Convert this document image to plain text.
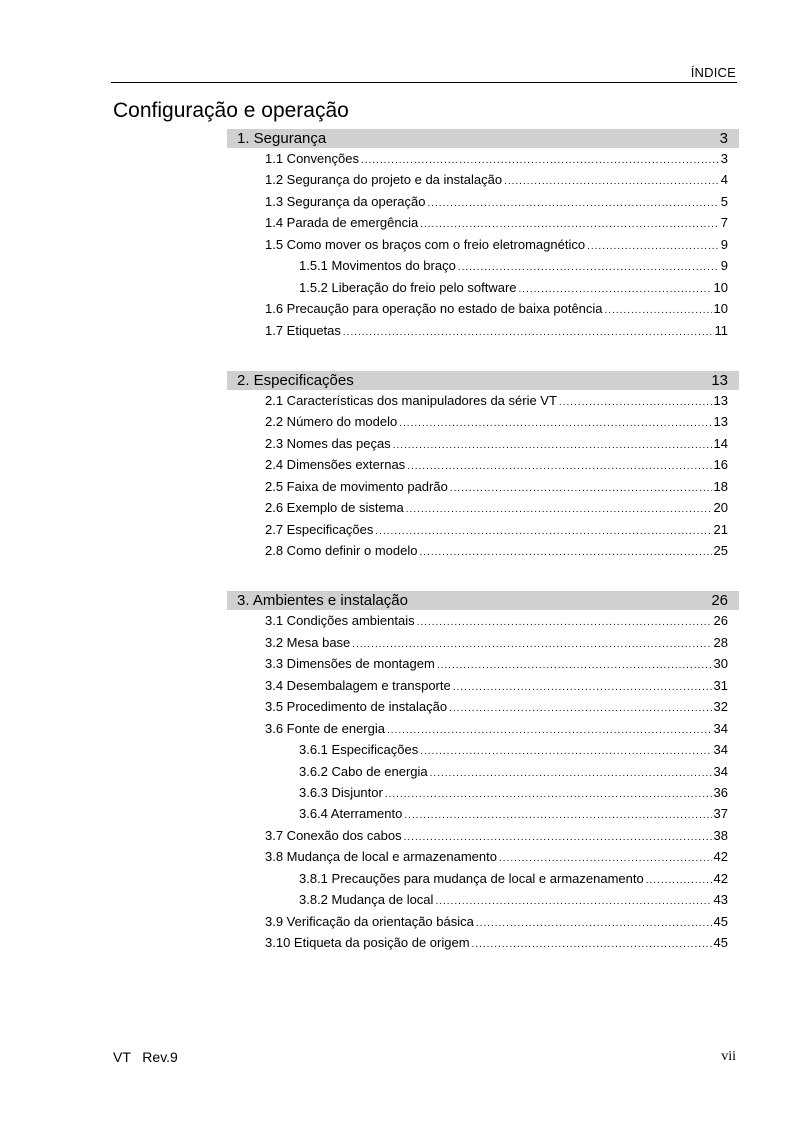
ÍNDICE
Configuração e operação
1. Segurança	3
1.1 Convenções .....	3
1.2 Segurança do projeto e da instalação .....	4
1.3 Segurança da operação .....	5
1.4 Parada de emergência .....	7
1.5 Como mover os braços com o freio eletromagnético .....	9
1.5.1 Movimentos do braço .....	9
1.5.2 Liberação do freio pelo software .....	10
1.6 Precaução para operação no estado de baixa potência .....	10
1.7 Etiquetas .....	11
2. Especificações	13
2.1 Características dos manipuladores da série VT .....	13
2.2 Número do modelo .....	13
2.3 Nomes das peças .....	14
2.4 Dimensões externas .....	16
2.5 Faixa de movimento padrão .....	18
2.6 Exemplo de sistema .....	20
2.7 Especificações .....	21
2.8 Como definir o modelo .....	25
3. Ambientes e instalação	26
3.1 Condições ambientais .....	26
3.2 Mesa base .....	28
3.3 Dimensões de montagem .....	30
3.4 Desembalagem e transporte .....	31
3.5 Procedimento de instalação .....	32
3.6 Fonte de energia .....	34
3.6.1 Especificações .....	34
3.6.2 Cabo de energia .....	34
3.6.3 Disjuntor .....	36
3.6.4 Aterramento .....	37
3.7 Conexão dos cabos .....	38
3.8 Mudança de local e armazenamento .....	42
3.8.1 Precauções para mudança de local e armazenamento .....	42
3.8.2 Mudança de local .....	43
3.9 Verificação da orientação básica .....	45
3.10 Etiqueta da posição de origem .....	45
VT   Rev.9	vii
